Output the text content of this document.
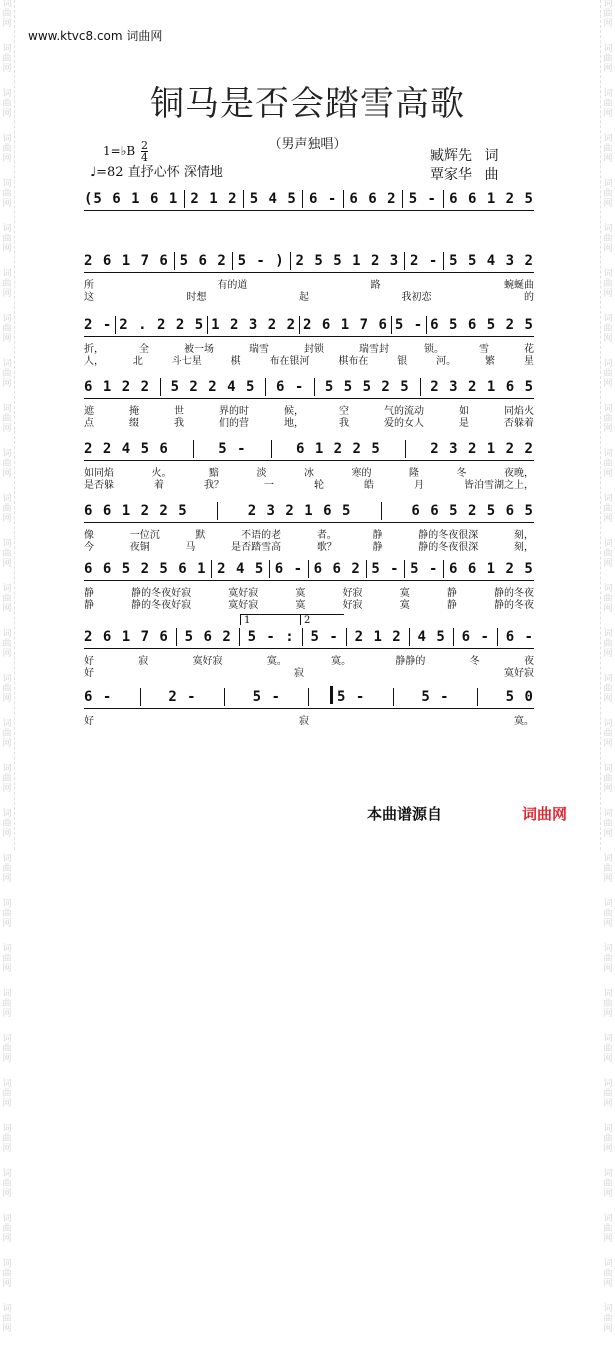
词
曲
网
词
曲
网
词
曲
网
词
曲
网
词
曲
网
词
曲
网
词
曲
网
词
曲
网
词
曲
网
词
曲
网
词
曲
网
词
曲
网
词
曲
网
词
曲
网
词
曲
网
词
曲
网
词
曲
网
词
曲
网
词
曲
网
词
曲
网
词
曲
网
词
曲
网
词
曲
网
词
曲
网
词
曲
网
词
曲
网
词
曲
网
词
曲
网
词
曲
网
词
曲
网
词
曲
网
词
曲
网
词
曲
网
词
曲
网
词
曲
网
词
曲
网
词
曲
网
词
曲
网
词
曲
网
词
曲
网
词
曲
网
词
曲
网
词
曲
网
词
曲
网
词
曲
网
词
曲
网
词
曲
网
词
曲
网
词
曲
网
词
曲
网
词
曲
网
词
曲
网
词
曲
网
词
曲
网
词
曲
网
词
曲
网
词
曲
网
词
曲
网
词
曲
网
词
曲
网
www.ktvc8.com 词曲网
铜马是否会踏雪高歌
（男声独唱）
1=♭B $\frac{2}{4}$
♩=82 直抒心怀 深情地
臧辉先 词
覃家华 曲
(5 6 1 6 1 2 1 2 5 4 5 6 - 6 6 2 5 - 6 6 1 2 5
2 6 1 7 6 5 6 2 5 - ) 2 5 5 1 2 3 2 - 5 5 4 3 2
所	有的道	路	蜿蜒曲
这	时想	起	我初恋	的
2 - 2 . 2 2 5 1 2 3 2 2 2 6 1 7 6 5 - 6 5 6 5 2 5
折，	全	被一场	瑞雪	封锁	瑞雪封	锁。	雪	花
人，	北	斗七星	棋	布在银河	棋布在	银	河。	繁	星
6 1 2 2 5 2 2 4 5 6 - 5 5 5 2 5 2 3 2 1 6 5
遮	掩	世	界的时	候，	空	气的流动	如	同焰火
点	缀	我	们的营	地，	我	爱的女人	是	否躲着
2 2 4 5 6	5 -	6 1 2 2 5	2 3 2 1 2 2
如同焰	火。	黯	淡	冰	寒的	隆	冬	夜晚，
是否躲	着	我？	一	轮	皓	月	皆泊雪湖之上，
6 6 1 2 2 5	2 3 2 1 6 5	6 6 5 2 5 6 5
像	一位沉	默	不语的老	者。	静	静的冬夜很深	刻，
今	夜铜	马	是否踏雪高	歌？	静	静的冬夜很深	刻，
6 6 5 2 5 6 1 2 4 5 6 - 6 6 2 5 - 5 - 6 6 1 2 5
静	静的冬夜好寂	寞好寂	寞	好寂	寞	静	静的冬夜
静	静的冬夜好寂	寞好寂	寞	好寂	寞	静	静的冬夜
2 6 1 7 6 5 6 2 5 - : 5 - 2 1 2 4 5 6 - 6 -
好	寂	寞好寂	寞。	寞。	静静的	冬	夜
好	寂	寞好寂
6 -	2 -	5 -	5 -	5 -	5 0
好	寂	寞。
1	2
本曲谱源自	词曲网
